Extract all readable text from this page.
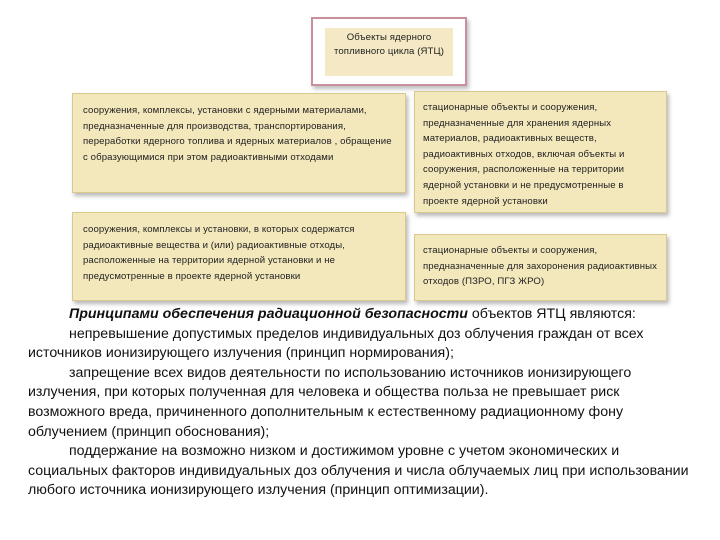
Объекты ядерного топливного цикла (ЯТЦ)
сооружения, комплексы, установки с ядерными материалами, предназначенные для производства, транспортирования, переработки ядерного топлива и ядерных материалов , обращение с образующимися при этом радиоактивными отходами
сооружения, комплексы и установки, в которых содержатся радиоактивные вещества и (или) радиоактивные отходы, расположенные на территории ядерной установки и не предусмотренные в проекте ядерной установки
стационарные объекты и сооружения, предназначенные для хранения ядерных материалов, радиоактивных веществ, радиоактивных отходов, включая объекты и сооружения, расположенные на территории ядерной установки и не предусмотренные в проекте ядерной установки
стационарные объекты и сооружения, предназначенные для захоронения радиоактивных отходов (ПЗРО, ПГЗ ЖРО)

Принципами обеспечения радиационной безопасности объектов ЯТЦ являются:

непревышение допустимых пределов индивидуальных доз облучения граждан от всех источников ионизирующего излучения (принцип нормирования);

запрещение всех видов деятельности по использованию источников ионизирующего излучения, при которых полученная для человека и общества польза не превышает риск возможного вреда, причиненного дополнительным к естественному радиационному фону облучением (принцип обоснования);

поддержание на возможно низком и достижимом уровне с учетом экономических и социальных факторов индивидуальных доз облучения и числа облучаемых лиц при использовании любого источника ионизирующего излучения (принцип оптимизации).
